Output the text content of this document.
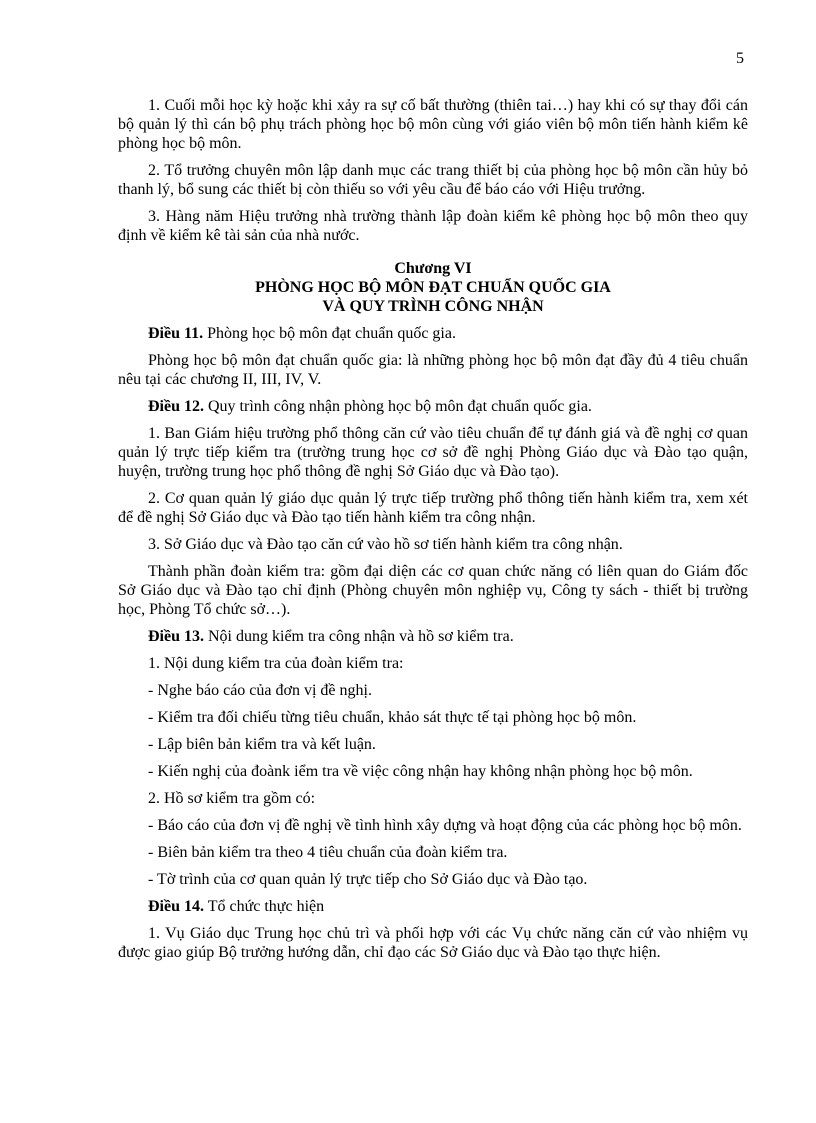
5

1. Cuối mỗi học kỳ hoặc khi xảy ra sự cố bất thường (thiên tai…) hay khi có sự thay đổi cán bộ quản lý thì cán bộ phụ trách phòng học bộ môn cùng với giáo viên bộ môn tiến hành kiểm kê phòng học bộ môn.

2. Tổ trưởng chuyên môn lập danh mục các trang thiết bị của phòng học bộ môn cần hủy bỏ thanh lý, bổ sung các thiết bị còn thiếu so với yêu cầu để báo cáo với Hiệu trưởng.

3. Hàng năm Hiệu trưởng nhà trường thành lập đoàn kiểm kê phòng học bộ môn theo quy định về kiểm kê tài sản của nhà nước.

Chương VI
PHÒNG HỌC BỘ MÔN ĐẠT CHUẨN QUỐC GIA
VÀ QUY TRÌNH CÔNG NHẬN

Điều 11. Phòng học bộ môn đạt chuẩn quốc gia.

Phòng học bộ môn đạt chuẩn quốc gia: là những phòng học bộ môn đạt đầy đủ 4 tiêu chuẩn nêu tại các chương II, III, IV, V.

Điều 12. Quy trình công nhận phòng học bộ môn đạt chuẩn quốc gia.

1. Ban Giám hiệu trường phổ thông căn cứ vào tiêu chuẩn để tự đánh giá và đề nghị cơ quan quản lý trực tiếp kiểm tra (trường trung học cơ sở đề nghị Phòng Giáo dục và Đào tạo quận, huyện, trường trung học phổ thông đề nghị Sở Giáo dục và Đào tạo).

2. Cơ quan quản lý giáo dục quản lý trực tiếp trường phổ thông tiến hành kiểm tra, xem xét để đề nghị Sở Giáo dục và Đào tạo tiến hành kiểm tra công nhận.

3. Sở Giáo dục và Đào tạo căn cứ vào hồ sơ tiến hành kiểm tra công nhận.

Thành phần đoàn kiểm tra: gồm đại diện các cơ quan chức năng có liên quan do Giám đốc Sở Giáo dục và Đào tạo chỉ định (Phòng chuyên môn nghiệp vụ, Công ty sách - thiết bị trường học, Phòng Tổ chức sở…).

Điều 13. Nội dung kiểm tra công nhận và hồ sơ kiểm tra.

1. Nội dung kiểm tra của đoàn kiểm tra:

- Nghe báo cáo của đơn vị đề nghị.

- Kiểm tra đối chiếu từng tiêu chuẩn, khảo sát thực tế tại phòng học bộ môn.

- Lập biên bản kiểm tra và kết luận.

- Kiến nghị của đoànk iểm tra về việc công nhận hay không nhận phòng học bộ môn.

2. Hồ sơ kiểm tra gồm có:

- Báo cáo của đơn vị đề nghị về tình hình xây dựng và hoạt động của các phòng học bộ môn.

- Biên bản kiểm tra theo 4 tiêu chuẩn của đoàn kiểm tra.

- Tờ trình của cơ quan quản lý trực tiếp cho Sở Giáo dục và Đào tạo.

Điều 14. Tổ chức thực hiện

1. Vụ Giáo dục Trung học chủ trì và phối hợp với các Vụ chức năng căn cứ vào nhiệm vụ được giao giúp Bộ trưởng hướng dẫn, chỉ đạo các Sở Giáo dục và Đào tạo thực hiện.
